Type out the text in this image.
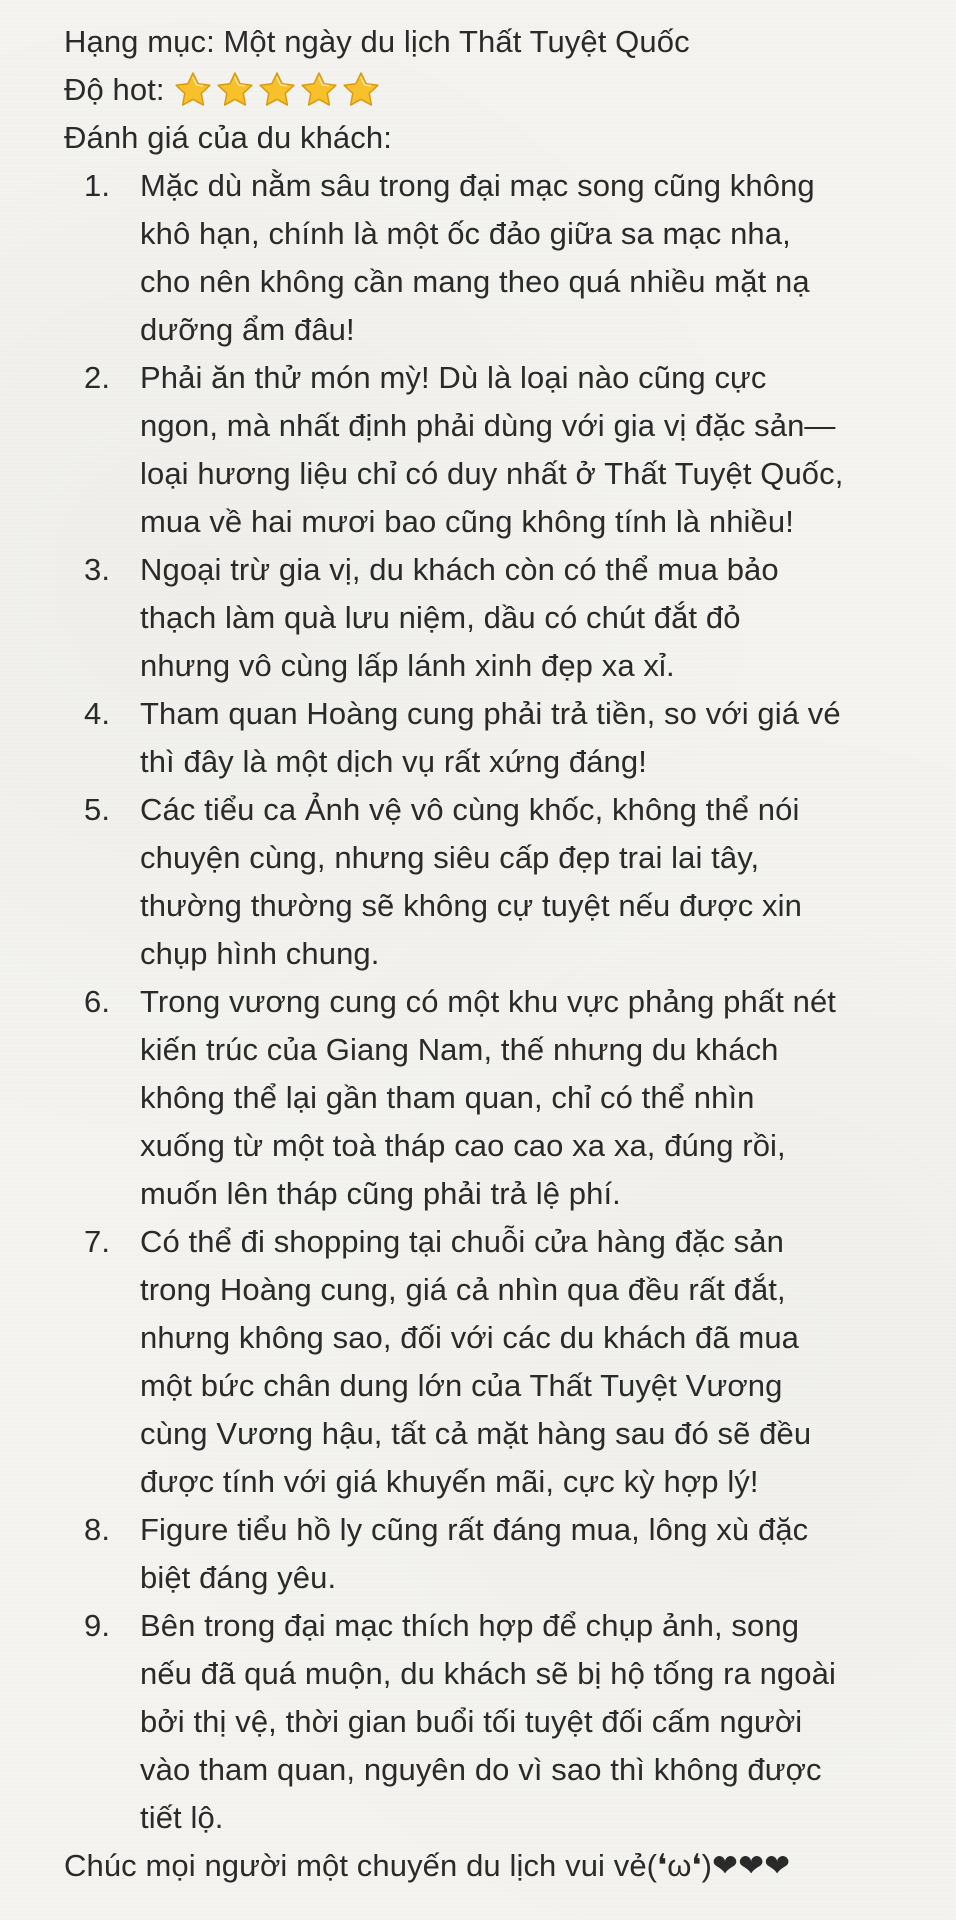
Hạng mục: Một ngày du lịch Thất Tuyệt Quốc
Độ hot:
Đánh giá của du khách:
1. Mặc dù nằm sâu trong đại mạc song cũng không
khô hạn, chính là một ốc đảo giữa sa mạc nha,
cho nên không cần mang theo quá nhiều mặt nạ
dưỡng ẩm đâu!
2. Phải ăn thử món mỳ! Dù là loại nào cũng cực
ngon, mà nhất định phải dùng với gia vị đặc sản—
loại hương liệu chỉ có duy nhất ở Thất Tuyệt Quốc,
mua về hai mươi bao cũng không tính là nhiều!
3. Ngoại trừ gia vị, du khách còn có thể mua bảo
thạch làm quà lưu niệm, dầu có chút đắt đỏ
nhưng vô cùng lấp lánh xinh đẹp xa xỉ.
4. Tham quan Hoàng cung phải trả tiền, so với giá vé
thì đây là một dịch vụ rất xứng đáng!
5. Các tiểu ca Ảnh vệ vô cùng khốc, không thể nói
chuyện cùng, nhưng siêu cấp đẹp trai lai tây,
thường thường sẽ không cự tuyệt nếu được xin
chụp hình chung.
6. Trong vương cung có một khu vực phảng phất nét
kiến trúc của Giang Nam, thế nhưng du khách
không thể lại gần tham quan, chỉ có thể nhìn
xuống từ một toà tháp cao cao xa xa, đúng rồi,
muốn lên tháp cũng phải trả lệ phí.
7. Có thể đi shopping tại chuỗi cửa hàng đặc sản
trong Hoàng cung, giá cả nhìn qua đều rất đắt,
nhưng không sao, đối với các du khách đã mua
một bức chân dung lớn của Thất Tuyệt Vương
cùng Vương hậu, tất cả mặt hàng sau đó sẽ đều
được tính với giá khuyến mãi, cực kỳ hợp lý!
8. Figure tiểu hồ ly cũng rất đáng mua, lông xù đặc
biệt đáng yêu.
9. Bên trong đại mạc thích hợp để chụp ảnh, song
nếu đã quá muộn, du khách sẽ bị hộ tống ra ngoài
bởi thị vệ, thời gian buổi tối tuyệt đối cấm người
vào tham quan, nguyên do vì sao thì không được
tiết lộ.
Chúc mọi người một chuyến du lịch vui vẻ(❛ω❛)❤❤❤
